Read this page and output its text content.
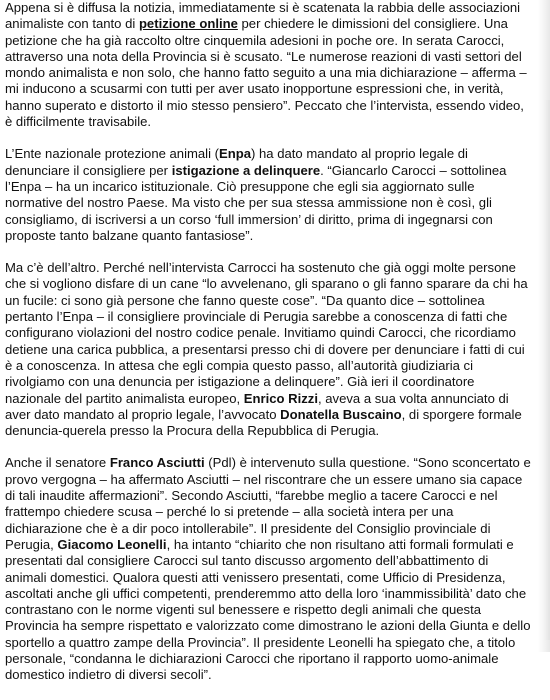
Appena si è diffusa la notizia, immediatamente si è scatenata la rabbia delle associazioni animaliste con tanto di petizione online per chiedere le dimissioni del consigliere. Una petizione che ha già raccolto oltre cinquemila adesioni in poche ore. In serata Carocci, attraverso una nota della Provincia si è scusato. “Le numerose reazioni di vasti settori del mondo animalista e non solo, che hanno fatto seguito a una mia dichiarazione – afferma – mi inducono a scusarmi con tutti per aver usato inopportune espressioni che, in verità, hanno superato e distorto il mio stesso pensiero”. Peccato che l’intervista, essendo video, è difficilmente travisabile.

L’Ente nazionale protezione animali (Enpa) ha dato mandato al proprio legale di denunciare il consigliere per istigazione a delinquere. “Giancarlo Carocci – sottolinea l’Enpa – ha un incarico istituzionale. Ciò presuppone che egli sia aggiornato sulle normative del nostro Paese. Ma visto che per sua stessa ammissione non è così, gli consigliamo, di iscriversi a un corso ‘full immersion’ di diritto, prima di ingegnarsi con proposte tanto balzane quanto fantasiose”.

Ma c’è dell’altro. Perché nell’intervista Carrocci ha sostenuto che già oggi molte persone che si vogliono disfare di un cane “lo avvelenano, gli sparano o gli fanno sparare da chi ha un fucile: ci sono già persone che fanno queste cose”. “Da quanto dice – sottolinea pertanto l’Enpa – il consigliere provinciale di Perugia sarebbe a conoscenza di fatti che configurano violazioni del nostro codice penale. Invitiamo quindi Carocci, che ricordiamo detiene una carica pubblica, a presentarsi presso chi di dovere per denunciare i fatti di cui è a conoscenza. In attesa che egli compia questo passo, all’autorità giudiziaria ci rivolgiamo con una denuncia per istigazione a delinquere”. Già ieri il coordinatore nazionale del partito animalista europeo, Enrico Rizzi, aveva a sua volta annunciato di aver dato mandato al proprio legale, l’avvocato Donatella Buscaino, di sporgere formale denuncia-querela presso la Procura della Repubblica di Perugia.

Anche il senatore Franco Asciutti (Pdl) è intervenuto sulla questione. “Sono sconcertato e provo vergogna – ha affermato Asciutti – nel riscontrare che un essere umano sia capace di tali inaudite affermazioni”. Secondo Asciutti, “farebbe meglio a tacere Carocci e nel frattempo chiedere scusa – perché lo si pretende – alla società intera per una dichiarazione che è a dir poco intollerabile”. Il presidente del Consiglio provinciale di Perugia, Giacomo Leonelli, ha intanto “chiarito che non risultano atti formali formulati e presentati dal consigliere Carocci sul tanto discusso argomento dell’abbattimento di animali domestici. Qualora questi atti venissero presentati, come Ufficio di Presidenza, ascoltati anche gli uffici competenti, prenderemmo atto della loro ‘inammissibilità’ dato che contrastano con le norme vigenti sul benessere e rispetto degli animali che questa Provincia ha sempre rispettato e valorizzato come dimostrano le azioni della Giunta e dello sportello a quattro zampe della Provincia”. Il presidente Leonelli ha spiegato che, a titolo personale, “condanna le dichiarazioni Carocci che riportano il rapporto uomo-animale domestico indietro di diversi secoli”.
